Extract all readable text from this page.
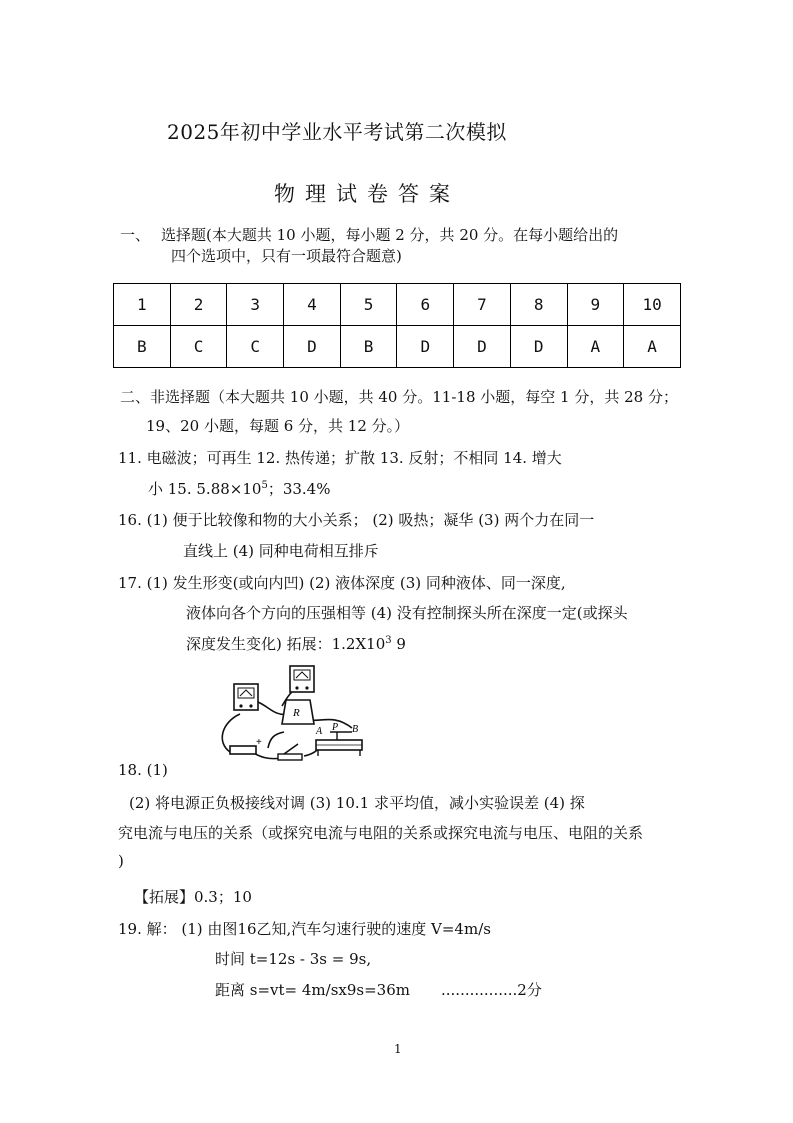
2025年初中学业水平考试第二次模拟
物理试卷答案
一、 选择题(本大题共 10 小题，每小题 2 分，共 20 分。在每小题给出的
四个选项中，只有一项最符合题意)
1	2	3	4	5	6	7	8	9	10
B	C	C	D	B	D	D	D	A	A
二、非选择题（本大题共 10 小题，共 40 分。11-18 小题，每空 1 分，共 28 分；
19、20 小题，每题 6 分，共 12 分。）
11. 电磁波；可再生 12. 热传递；扩散 13. 反射；不相同 14. 增大
小 15. $5.88\times 10^5$；33.4%
16. (1) 便于比较像和物的大小关系； (2) 吸热；凝华 (3) 两个力在同一
直线上 (4) 同种电荷相互排斥
17. (1) 发生形变(或向内凹) (2) 液体深度 (3) 同种液体、同一深度,
液体向各个方向的压强相等 (4) 没有控制探头所在深度一定(或探头
深度发生变化) 拓展：$1.2X10^3$ 9
R
+
A P B
18. (1)
(2) 将电源正负极接线对调 (3) 10.1 求平均值，减小实验误差 (4) 探
究电流与电压的关系（或探究电流与电阻的关系或探究电流与电压、电阻的关系
)
【拓展】0.3；10
19. 解： (1) 由图16乙知,汽车匀速行驶的速度 V=4m/s
时间 t=12s - 3s = 9s,
距离 s=vt= 4m/sx9s=36m ................2分
1
